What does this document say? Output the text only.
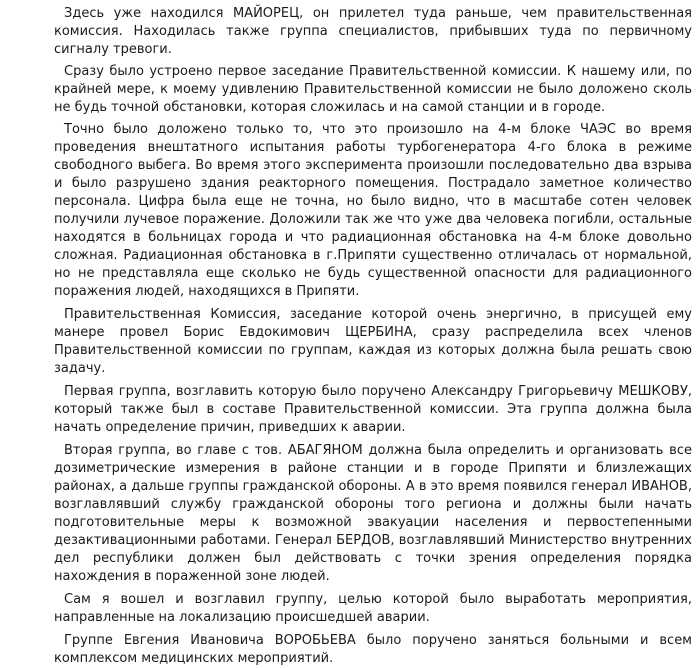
Здесь уже находился МАЙОРЕЦ, он прилетел туда раньше, чем правительственная комиссия. Находилась также группа специалистов, прибывших туда по первичному сигналу тревоги.

Сразу было устроено первое заседание Правительственной комиссии. К нашему или, по крайней мере, к моему удивлению Правительственной комиссии не было доложено сколь не будь точной обстановки, которая сложилась и на самой станции и в городе.

Точно было доложено только то, что это произошло на 4-м блоке ЧАЭС во время проведения внештатного испытания работы турбогенератора 4-го блока в режиме свободного выбега. Во время этого эксперимента произошли последовательно два взрыва и было разрушено здания реакторного помещения. Пострадало заметное количество персонала. Цифра была еще не точна, но было видно, что в масштабе сотен человек получили лучевое поражение. Доложили так же что уже два человека погибли, остальные находятся в больницах города и что радиационная обстановка на 4-м блоке довольно сложная. Радиационная обстановка в г.Припяти существенно отличалась от нормальной, но не представляла еще сколько не будь существенной опасности для радиационного поражения людей, находящихся в Припяти.

Правительственная Комиссия, заседание которой очень энергично, в присущей ему манере провел Борис Евдокимович ЩЕРБИНА, сразу распределила всех членов Правительственной комиссии по группам, каждая из которых должна была решать свою задачу.

Первая группа, возглавить которую было поручено Александру Григорьевичу МЕШКОВУ, который также был в составе Правительственной комиссии. Эта группа должна была начать определение причин, приведших к аварии.

Вторая группа, во главе с тов. АБАГЯНОМ должна была определить и организовать все дозиметрические измерения в районе станции и в городе Припяти и близлежащих районах, а дальше группы гражданской обороны. А в это время появился генерал ИВАНОВ, возглавлявший службу гражданской обороны того региона и должны были начать подготовительные меры к возможной эвакуации населения и первостепенными дезактивационными работами. Генерал БЕРДОВ, возглавлявший Министерство внутренних дел республики должен был действовать с точки зрения определения порядка нахождения в пораженной зоне людей.

Сам я вошел и возглавил группу, целью которой было выработать мероприятия, направленные на локализацию происшедшей аварии.

Группе Евгения Ивановича ВОРОБЬЕВА было поручено заняться больными и всем комплексом медицинских мероприятий.
